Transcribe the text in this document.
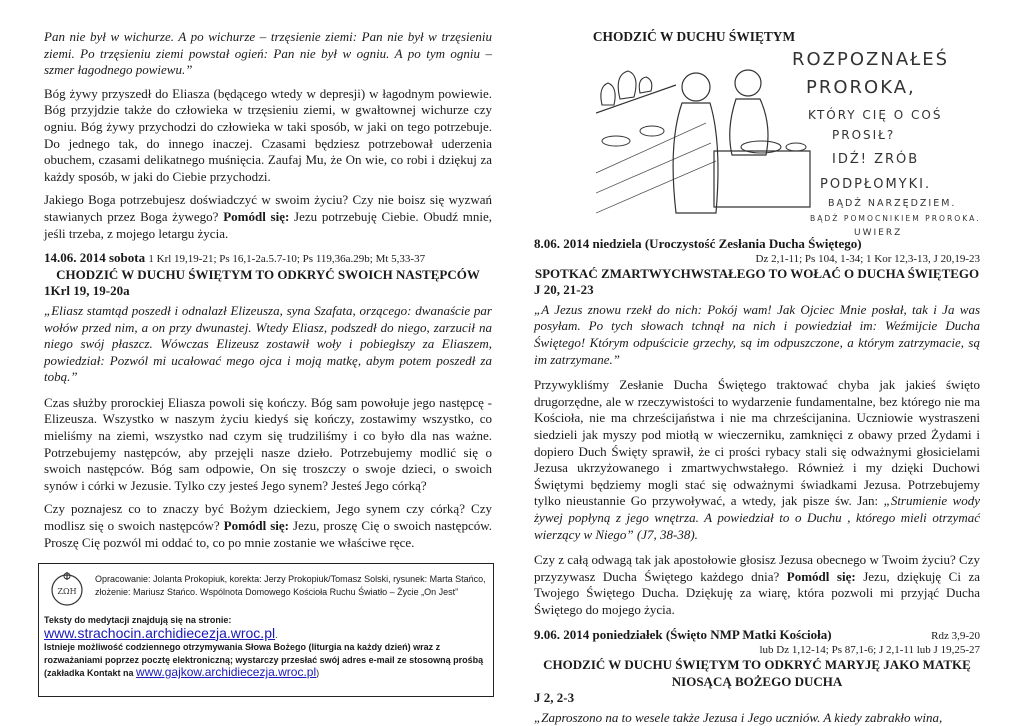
Pan nie był w wichurze. A po wichurze – trzęsienie ziemi: Pan nie był w trzęsieniu ziemi. Po trzęsieniu ziemi powstał ogień: Pan nie był w ogniu. A po tym ogniu – szmer łagodnego powiewu.”

Bóg żywy przyszedł do Eliasza (będącego wtedy w depresji) w łagodnym powiewie. Bóg przyjdzie także do człowieka w trzęsieniu ziemi, w gwałtownej wichurze czy ogniu. Bóg żywy przychodzi do człowieka w taki sposób, w jaki on tego potrzebuje. Do jednego tak, do innego inaczej. Czasami będziesz potrzebował uderzenia obuchem, czasami delikatnego muśnięcia. Zaufaj Mu, że On wie, co robi i dziękuj za każdy sposób, w jaki do Ciebie przychodzi.

Jakiego Boga potrzebujesz doświadczyć w swoim życiu? Czy nie boisz się wyzwań stawianych przez Boga żywego? Pomódl się: Jezu potrzebuję Ciebie. Obudź mnie, jeśli trzeba, z mojego letargu życia.

14.06. 2014 sobota 1 Krl 19,19-21; Ps 16,1-2a.5.7-10; Ps 119,36a.29b; Mt 5,33-37

CHODZIĆ W DUCHU ŚWIĘTYM TO ODKRYĆ SWOICH NASTĘPCÓW

1Krl 19, 19-20a

„Eliasz stamtąd poszedł i odnalazł Elizeusza, syna Szafata, orzącego: dwanaście par wołów przed nim, a on przy dwunastej. Wtedy Eliasz, podszedł do niego, zarzucił na niego swój płaszcz. Wówczas Elizeusz zostawił woły i pobiegłszy za Eliaszem, powiedział: Pozwól mi ucałować mego ojca i moją matkę, abym potem poszedł za tobą.”

Czas służby prorockiej Eliasza powoli się kończy. Bóg sam powołuje jego następcę - Elizeusza. Wszystko w naszym życiu kiedyś się kończy, zostawimy wszystko, co mieliśmy na ziemi, wszystko nad czym się trudziliśmy i co było dla nas ważne. Potrzebujemy następców, aby przejęli nasze dzieło. Potrzebujemy modlić się o swoich następców. Bóg sam odpowie, On się troszczy o swoje dzieci, o swoich synów i córki w Jezusie. Tylko czy jesteś Jego synem? Jesteś Jego córką?

Czy poznajesz co to znaczy być Bożym dzieckiem, Jego synem czy córką? Czy modlisz się o swoich następców? Pomódl się: Jezu, proszę Cię o swoich następców. Proszę Cię pozwól mi oddać to, co po mnie zostanie we właściwe ręce.

ΖΩΗ
Opracowanie: Jolanta Prokopiuk, korekta: Jerzy Prokopiuk/Tomasz Solski, rysunek: Marta Stańco, złożenie: Mariusz Stańco. Wspólnota Domowego Kościoła Ruchu Światło – Życie „On Jest”
Teksty do medytacji znajdują się na stronie:
www.strachocin.archidiecezja.wroc.pl.
Istnieje możliwość codziennego otrzymywania Słowa Bożego (liturgia na każdy dzień) wraz z rozważaniami poprzez pocztę elektroniczną; wystarczy przesłać swój adres e-mail ze stosowną prośbą (zakładka Kontakt na www.gajkow.archidiecezja.wroc.pl)
CHODZIĆ W DUCHU ŚWIĘTYM
ROZPOZNAŁEŚ
PROROKA,
KTÓRY CIĘ O COŚ
PROSIŁ?
IDŹ! ZRÓB
PODPŁOMYKI.
BĄDŹ NARZĘDZIEM.
BĄDŹ POMOCNIKIEM PROROKA.
UWIERZ

8.06. 2014 niedziela (Uroczystość Zesłania Ducha Świętego)

Dz 2,1-11; Ps 104, 1-34; 1 Kor 12,3-13, J 20,19-23

SPOTKAĆ ZMARTWYCHWSTAŁEGO TO WOŁAĆ O DUCHA ŚWIĘTEGO

J 20, 21-23

„A Jezus znowu rzekł do nich: Pokój wam! Jak Ojciec Mnie posłał, tak i Ja was posyłam. Po tych słowach tchnął na nich i powiedział im: Weźmijcie Ducha Świętego! Którym odpuścicie grzechy, są im odpuszczone, a którym zatrzymacie, są im zatrzymane.”

Przywykliśmy Zesłanie Ducha Świętego traktować chyba jak jakieś święto drugorzędne, ale w rzeczywistości to wydarzenie fundamentalne, bez którego nie ma Kościoła, nie ma chrześcijaństwa i nie ma chrześcijanina. Uczniowie wystraszeni siedzieli jak myszy pod miotłą w wieczerniku, zamknięci z obawy przed Żydami i dopiero Duch Święty sprawił, że ci prości rybacy stali się odważnymi głosicielami Jezusa ukrzyżowanego i zmartwychwstałego. Również i my dzięki Duchowi Świętymi będziemy mogli stać się odważnymi świadkami Jezusa. Potrzebujemy tylko nieustannie Go przywoływać, a wtedy, jak pisze św. Jan: „Strumienie wody żywej popłyną z jego wnętrza. A powiedział to o Duchu , którego mieli otrzymać wierzący w Niego” (J7, 38-38).

Czy z całą odwagą tak jak apostołowie głosisz Jezusa obecnego w Twoim życiu? Czy przyzywasz Ducha Świętego każdego dnia? Pomódl się: Jezu, dziękuję Ci za Twojego Świętego Ducha. Dziękuję za wiarę, która pozwoli mi przyjąć Ducha Świętego do mojego życia.

9.06. 2014 poniedziałek (Święto NMP Matki Kościoła)	Rdz 3,9-20

lub Dz 1,12-14; Ps 87,1-6; J 2,1-11 lub J 19,25-27

CHODZIĆ W DUCHU ŚWIĘTYM TO ODKRYĆ MARYJĘ JAKO MATKĘ NIOSĄCĄ BOŻEGO DUCHA

J 2, 2-3

„Zaproszono na to wesele także Jezusa i Jego uczniów. A kiedy zabrakło wina,
